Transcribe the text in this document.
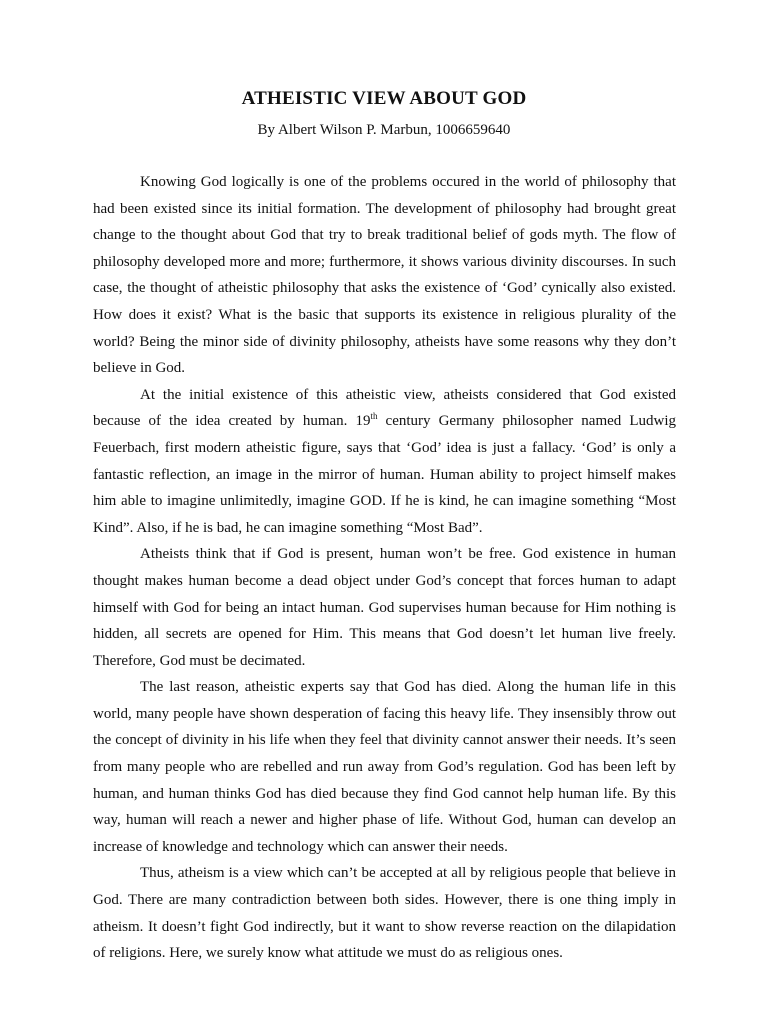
ATHEISTIC VIEW ABOUT GOD

By Albert Wilson P. Marbun, 1006659640

Knowing God logically is one of the problems occured in the world of philosophy that had been existed since its initial formation. The development of philosophy had brought great change to the thought about God that try to break traditional belief of gods myth. The flow of philosophy developed more and more; furthermore, it shows various divinity discourses. In such case, the thought of atheistic philosophy that asks the existence of ‘God’ cynically also existed. How does it exist? What is the basic that supports its existence in religious plurality of the world? Being the minor side of divinity philosophy, atheists have some reasons why they don’t believe in God.

At the initial existence of this atheistic view, atheists considered that God existed because of the idea created by human. 19th century Germany philosopher named Ludwig Feuerbach, first modern atheistic figure, says that ‘God’ idea is just a fallacy. ‘God’ is only a fantastic reflection, an image in the mirror of human. Human ability to project himself makes him able to imagine unlimitedly, imagine GOD. If he is kind, he can imagine something “Most Kind”. Also, if he is bad, he can imagine something “Most Bad”.

Atheists think that if God is present, human won’t be free. God existence in human thought makes human become a dead object under God’s concept that forces human to adapt himself with God for being an intact human. God supervises human because for Him nothing is hidden, all secrets are opened for Him. This means that God doesn’t let human live freely. Therefore, God must be decimated.

The last reason, atheistic experts say that God has died. Along the human life in this world, many people have shown desperation of facing this heavy life. They insensibly throw out the concept of divinity in his life when they feel that divinity cannot answer their needs. It’s seen from many people who are rebelled and run away from God’s regulation. God has been left by human, and human thinks God has died because they find God cannot help human life. By this way, human will reach a newer and higher phase of life. Without God, human can develop an increase of knowledge and technology which can answer their needs.

Thus, atheism is a view which can’t be accepted at all by religious people that believe in God. There are many contradiction between both sides. However, there is one thing imply in atheism. It doesn’t fight God indirectly, but it want to show reverse reaction on the dilapidation of religions. Here, we surely know what attitude we must do as religious ones.
